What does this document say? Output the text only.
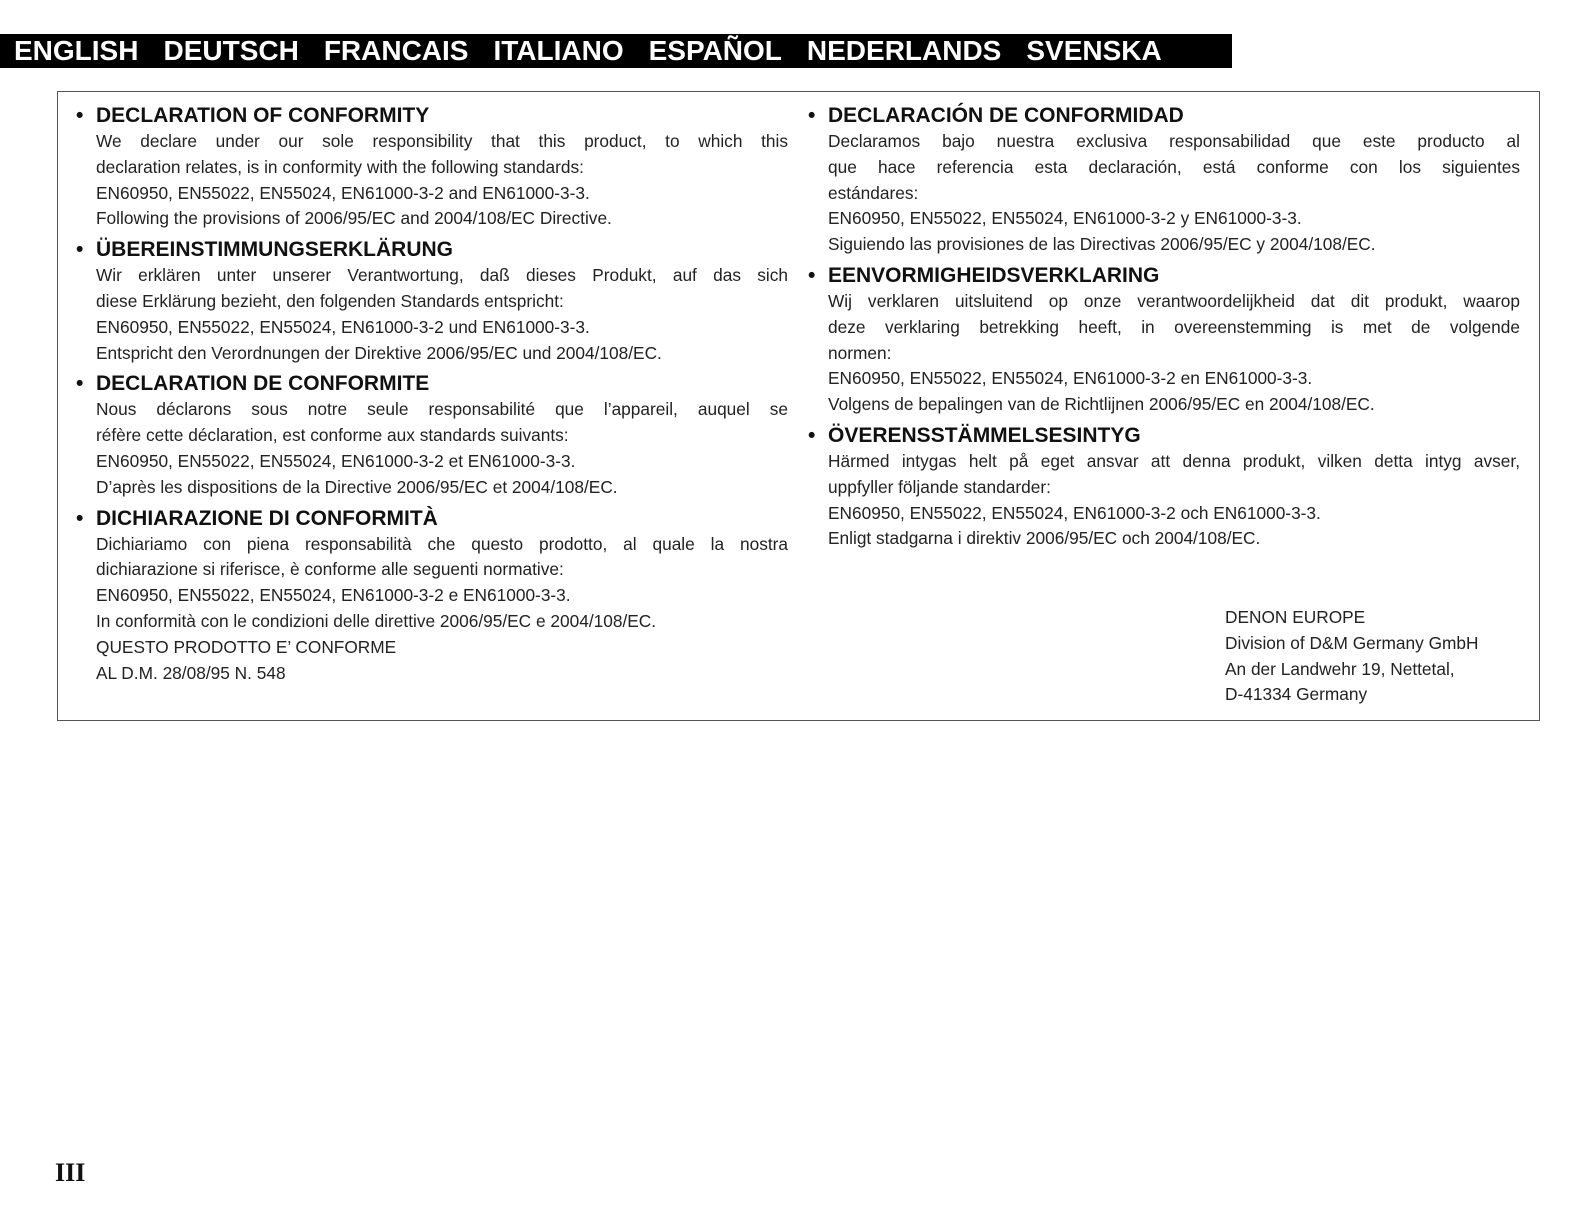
ENGLISH DEUTSCH FRANCAIS ITALIANO ESPAÑOL NEDERLANDS SVENSKA
• DECLARATION OF CONFORMITY

We declare under our sole responsibility that this product, to which this

declaration relates, is in conformity with the following standards:

EN60950, EN55022, EN55024, EN61000-3-2 and EN61000-3-3.

Following the provisions of 2006/95/EC and 2004/108/EC Directive.

• ÜBEREINSTIMMUNGSERKLÄRUNG

Wir erklären unter unserer Verantwortung, daß dieses Produkt, auf das sich

diese Erklärung bezieht, den folgenden Standards entspricht:

EN60950, EN55022, EN55024, EN61000-3-2 und EN61000-3-3.

Entspricht den Verordnungen der Direktive 2006/95/EC und 2004/108/EC.

• DECLARATION DE CONFORMITE

Nous déclarons sous notre seule responsabilité que l’appareil, auquel se

réfère cette déclaration, est conforme aux standards suivants:

EN60950, EN55022, EN55024, EN61000-3-2 et EN61000-3-3.

D’après les dispositions de la Directive 2006/95/EC et 2004/108/EC.

• DICHIARAZIONE DI CONFORMITÀ

Dichiariamo con piena responsabilità che questo prodotto, al quale la nostra

dichiarazione si riferisce, è conforme alle seguenti normative:

EN60950, EN55022, EN55024, EN61000-3-2 e EN61000-3-3.

In conformità con le condizioni delle direttive 2006/95/EC e 2004/108/EC.

QUESTO PRODOTTO E’ CONFORME

AL D.M. 28/08/95 N. 548

• DECLARACIÓN DE CONFORMIDAD

Declaramos bajo nuestra exclusiva responsabilidad que este producto al

que hace referencia esta declaración, está conforme con los siguientes

estándares:

EN60950, EN55022, EN55024, EN61000-3-2 y EN61000-3-3.

Siguiendo las provisiones de las Directivas 2006/95/EC y 2004/108/EC.

• EENVORMIGHEIDSVERKLARING

Wij verklaren uitsluitend op onze verantwoordelijkheid dat dit produkt, waarop

deze verklaring betrekking heeft, in overeenstemming is met de volgende

normen:

EN60950, EN55022, EN55024, EN61000-3-2 en EN61000-3-3.

Volgens de bepalingen van de Richtlijnen 2006/95/EC en 2004/108/EC.

• ÖVERENSSTÄMMELSESINTYG

Härmed intygas helt på eget ansvar att denna produkt, vilken detta intyg avser,

uppfyller följande standarder:

EN60950, EN55022, EN55024, EN61000-3-2 och EN61000-3-3.

Enligt stadgarna i direktiv 2006/95/EC och 2004/108/EC.

DENON EUROPE
Division of D&M Germany GmbH
An der Landwehr 19, Nettetal,
D-41334 Germany
III
